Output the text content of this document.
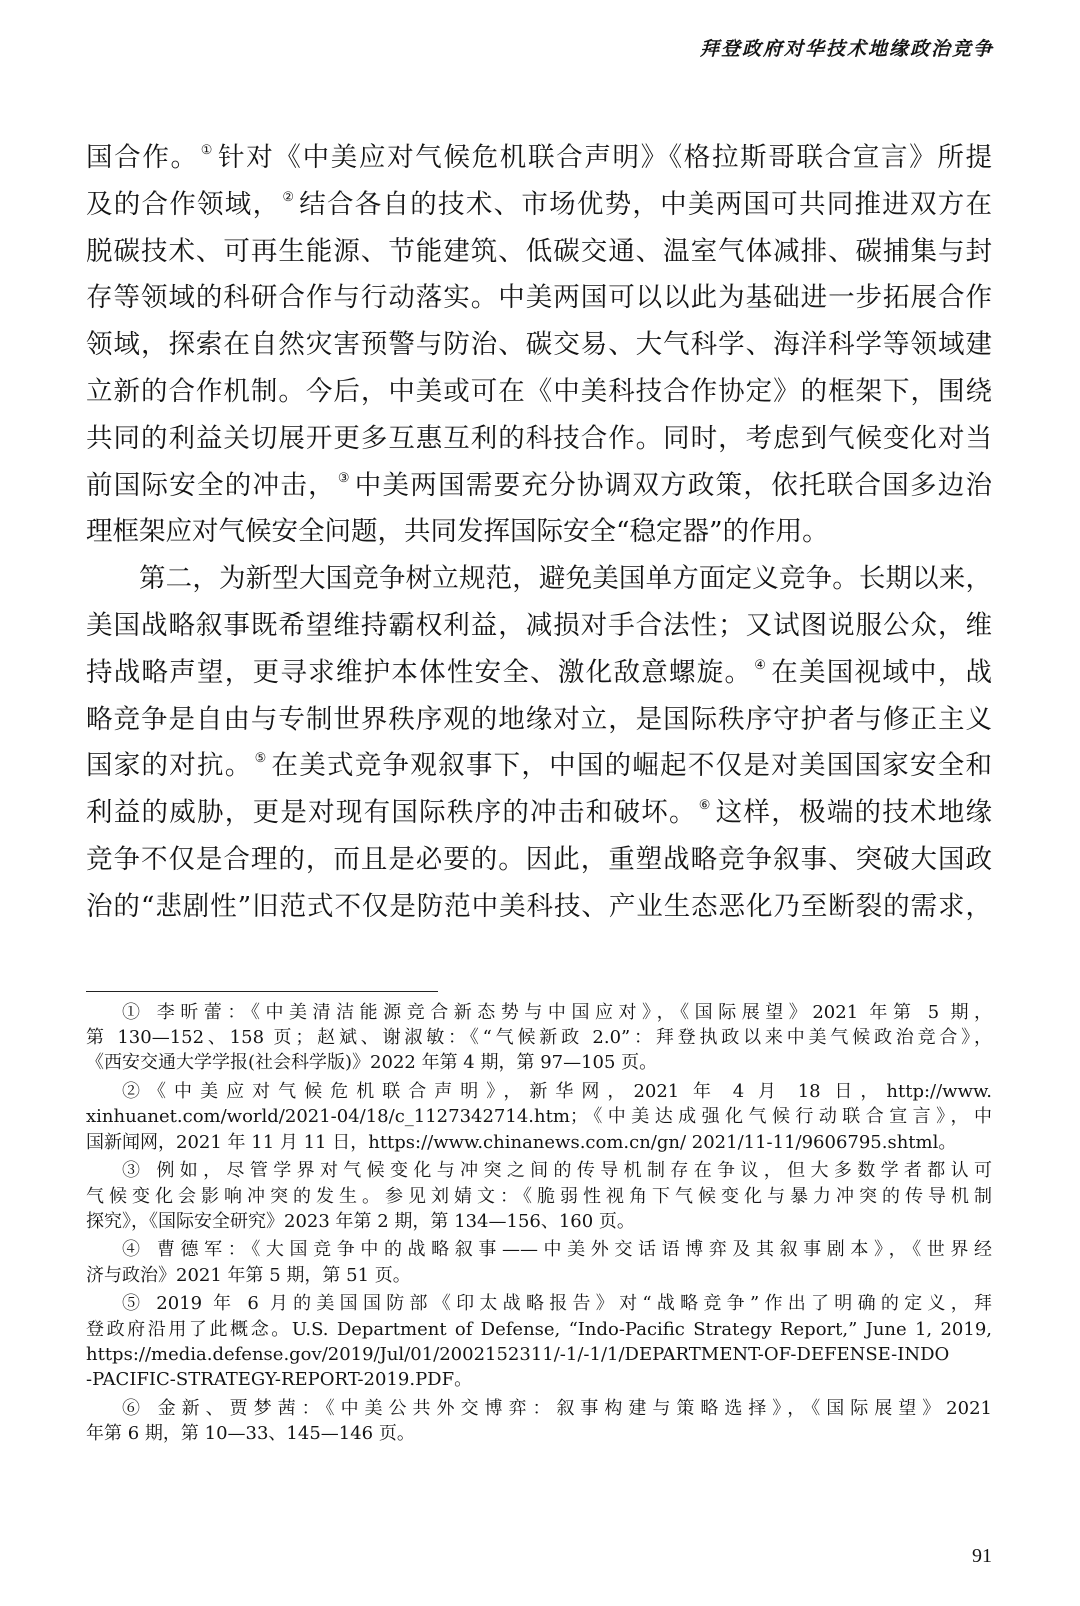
拜登政府对华技术地缘政治竞争
国合作。 ① 针对《中美应对气候危机联合声明》《格拉斯哥联合宣言》所提
及的合作领域， ② 结合各自的技术、市场优势，中美两国可共同推进双方在
脱碳技术、可再生能源、节能建筑、低碳交通、温室气体减排、碳捕集与封
存等领域的科研合作与行动落实。中美两国可以以此为基础进一步拓展合作
领域，探索在自然灾害预警与防治、碳交易、大气科学、海洋科学等领域建
立新的合作机制。今后，中美或可在《中美科技合作协定》的框架下，围绕
共同的利益关切展开更多互惠互利的科技合作。同时，考虑到气候变化对当
前国际安全的冲击， ③ 中美两国需要充分协调双方政策，依托联合国多边治
理框架应对气候安全问题，共同发挥国际安全“稳定器”的作用。
第二，为新型大国竞争树立规范，避免美国单方面定义竞争。长期以来，
美国战略叙事既希望维持霸权利益，减损对手合法性；又试图说服公众，维
持战略声望，更寻求维护本体性安全、激化敌意螺旋。 ④ 在美国视域中，战
略竞争是自由与专制世界秩序观的地缘对立，是国际秩序守护者与修正主义
国家的对抗。 ⑤ 在美式竞争观叙事下，中国的崛起不仅是对美国国家安全和
利益的威胁，更是对现有国际秩序的冲击和破坏。 ⑥ 这样，极端的技术地缘
竞争不仅是合理的，而且是必要的。因此，重塑战略竞争叙事、突破大国政
治的“悲剧性”旧范式不仅是防范中美科技、产业生态恶化乃至断裂的需求，
① 李昕蕾：《中美清洁能源竞合新态势与中国应对》，《国际展望》2021 年第 5 期，
第 130—152、158 页；赵斌、谢淑敏：《“气候新政 2.0”：拜登执政以来中美气候政治竞合》，
《西安交通大学学报(社会科学版)》2022 年第 4 期，第 97—105 页。
②《中美应对气候危机联合声明》，新华网，2021 年 4 月 18 日，http://www.
xinhuanet.com/world/2021-04/18/c_1127342714.htm；《中美达成强化气候行动联合宣言》，中
国新闻网，2021 年 11 月 11 日，https://www.chinanews.com.cn/gn/ 2021/11-11/9606795.shtml。
③ 例如，尽管学界对气候变化与冲突之间的传导机制存在争议，但大多数学者都认可
气候变化会影响冲突的发生。参见刘婧文：《脆弱性视角下气候变化与暴力冲突的传导机制
探究》，《国际安全研究》2023 年第 2 期，第 134—156、160 页。
④ 曹德军：《大国竞争中的战略叙事——中美外交话语博弈及其叙事剧本》，《世界经
济与政治》2021 年第 5 期，第 51 页。
⑤ 2019 年 6 月的美国国防部《印太战略报告》对“战略竞争”作出了明确的定义，拜
登政府沿用了此概念。U.S. Department of Defense, “Indo-Pacific Strategy Report,” June 1, 2019,
https://media.defense.gov/2019/Jul/01/2002152311/-1/-1/1/DEPARTMENT-OF-DEFENSE-INDO
-PACIFIC-STRATEGY-REPORT-2019.PDF。
⑥ 金新、贾梦茜：《中美公共外交博弈：叙事构建与策略选择》，《国际展望》2021
年第 6 期，第 10—33、145—146 页。
91
